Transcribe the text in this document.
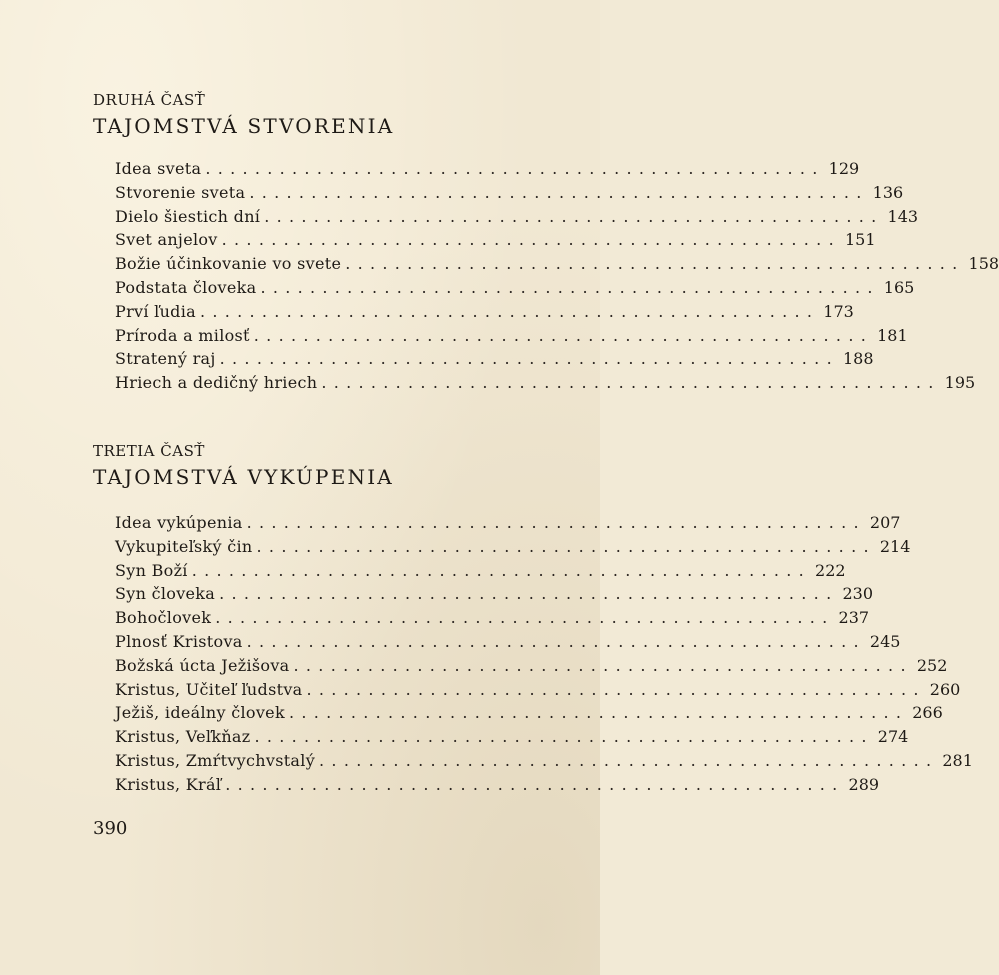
DRUHÁ ČASŤ
TAJOMSTVÁ STVORENIA
Idea sveta .................................................. 129
Stvorenie sveta .................................................. 136
Dielo šiestich dní .................................................. 143
Svet anjelov .................................................. 151
Božie účinkovanie vo svete .................................................. 158
Podstata človeka .................................................. 165
Prví ľudia .................................................. 173
Príroda a milosť .................................................. 181
Stratený raj .................................................. 188
Hriech a dedičný hriech .................................................. 195
TRETIA ČASŤ
TAJOMSTVÁ VYKÚPENIA
Idea vykúpenia .................................................. 207
Vykupiteľský čin .................................................. 214
Syn Boží .................................................. 222
Syn človeka .................................................. 230
Bohočlovek .................................................. 237
Plnosť Kristova .................................................. 245
Božská úcta Ježišova .................................................. 252
Kristus, Učiteľ ľudstva .................................................. 260
Ježiš, ideálny človek .................................................. 266
Kristus, Veľkňaz .................................................. 274
Kristus, Zmŕtvychvstalý .................................................. 281
Kristus, Kráľ .................................................. 289
390
